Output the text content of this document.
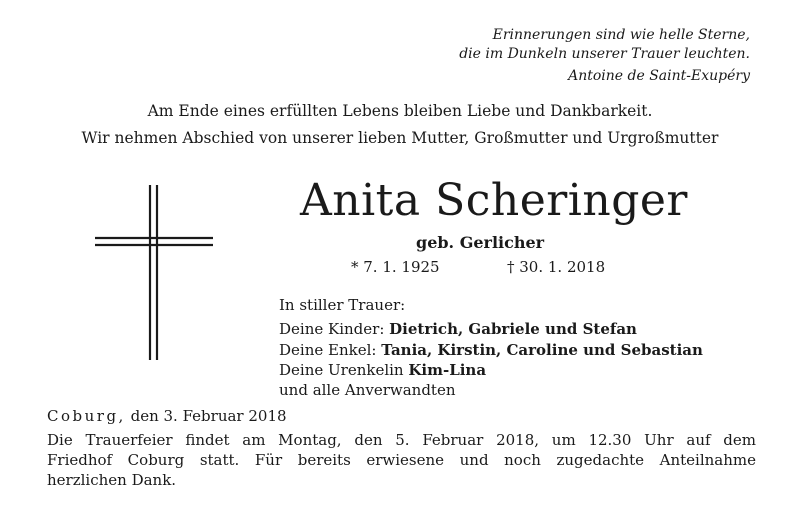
Erinnerungen sind wie helle Sterne,
die im Dunkeln unserer Trauer leuchten.
Antoine de Saint-Exupéry
Am Ende eines erfüllten Lebens bleiben Liebe und Dankbarkeit.
Wir nehmen Abschied von unserer lieben Mutter, Großmutter und Urgroßmutter
Anita Scheringer
geb. Gerlicher
* 7. 1. 1925	† 30. 1. 2018
In stiller Trauer:
Deine Kinder: Dietrich, Gabriele und Stefan
Deine Enkel: Tania, Kirstin, Caroline und Sebastian
Deine Urenkelin Kim-Lina
und alle Anverwandten
Coburg, den 3. Februar 2018
Die Trauerfeier findet am Montag, den 5. Februar 2018, um 12.30 Uhr auf dem
Friedhof Coburg statt. Für bereits erwiesene und noch zugedachte Anteilnahme
herzlichen Dank.
